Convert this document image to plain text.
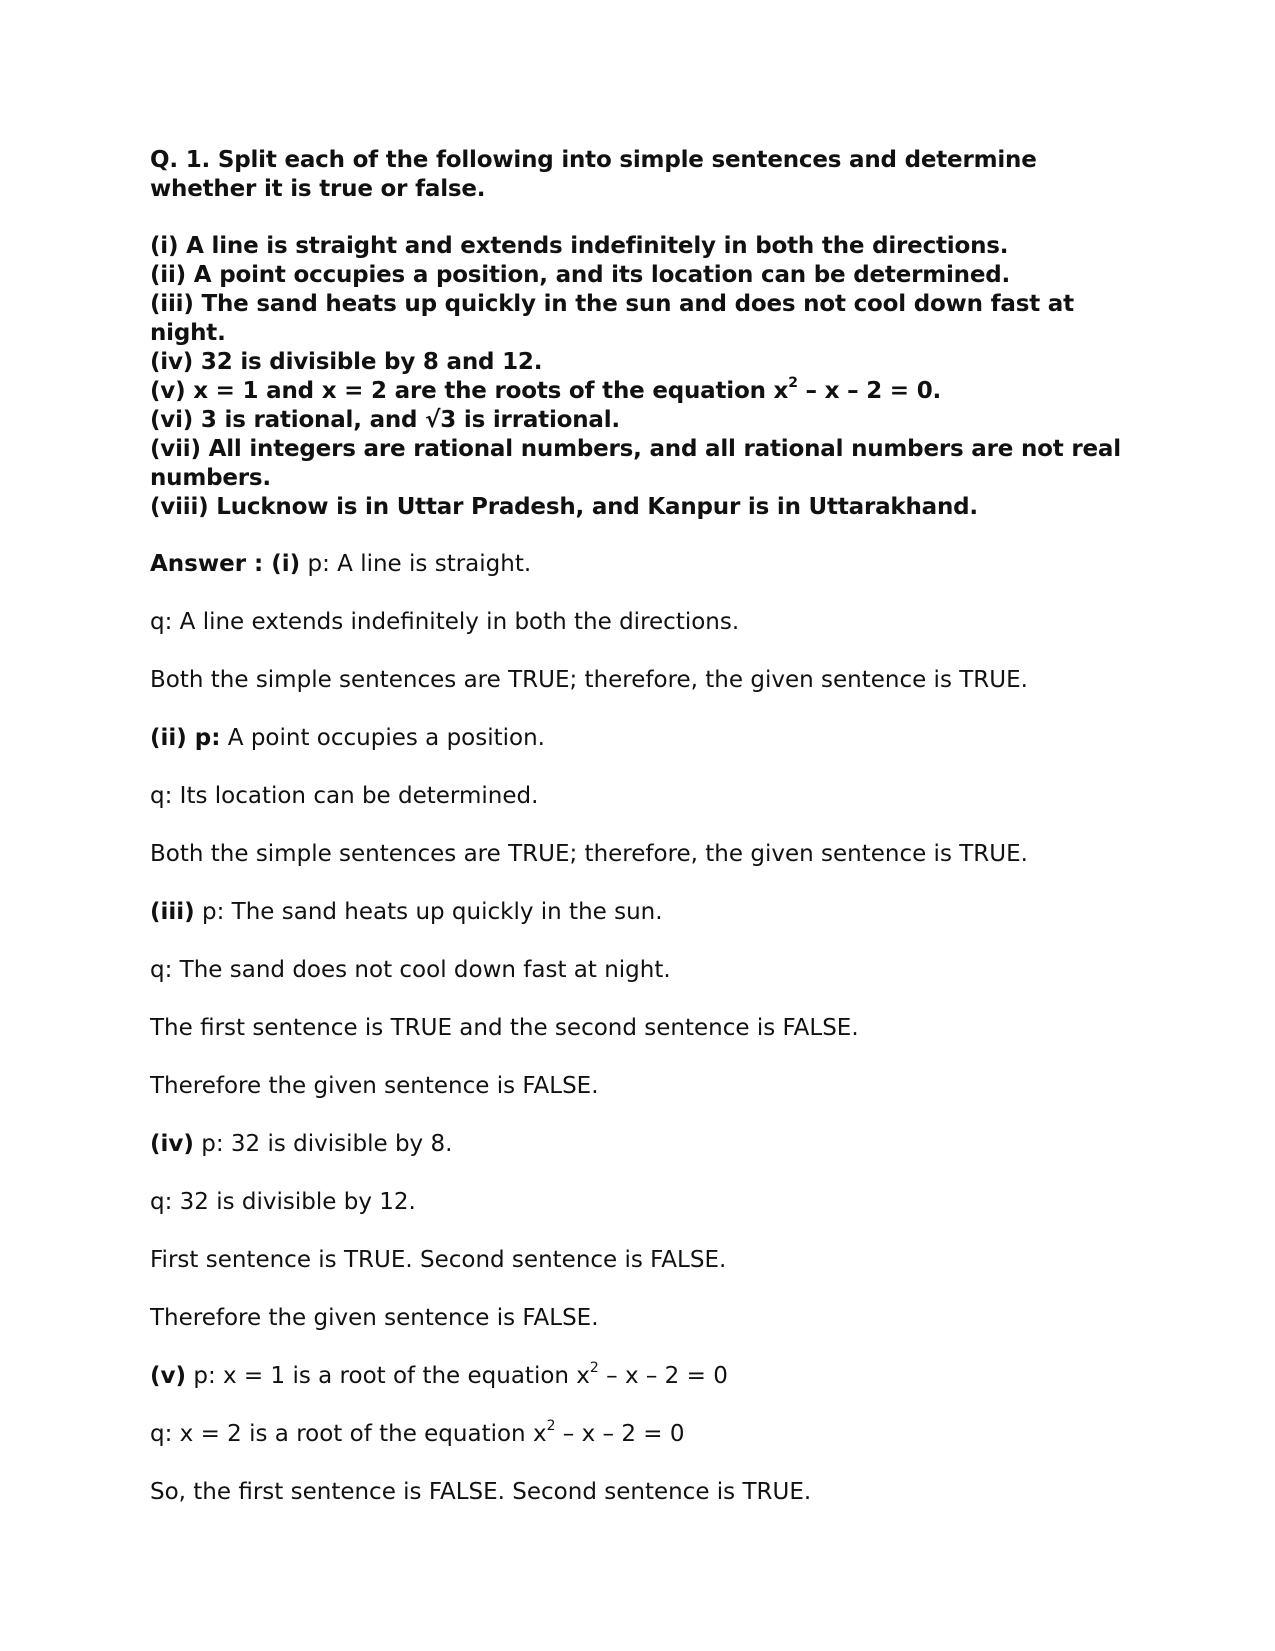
Q. 1. Split each of the following into simple sentences and determine whether it is true or false.

(i) A line is straight and extends indefinitely in both the directions.
(ii) A point occupies a position, and its location can be determined.
(iii) The sand heats up quickly in the sun and does not cool down fast at night.
(iv) 32 is divisible by 8 and 12.
(v) x = 1 and x = 2 are the roots of the equation $x^2 - x - 2 = 0$.
(vi) 3 is rational, and √3 is irrational.
(vii) All integers are rational numbers, and all rational numbers are not real numbers.
(viii) Lucknow is in Uttar Pradesh, and Kanpur is in Uttarakhand.
Answer : (i) p: A line is straight.
q: A line extends indefinitely in both the directions.
Both the simple sentences are TRUE; therefore, the given sentence is TRUE.
(ii) p: A point occupies a position.
q: Its location can be determined.
Both the simple sentences are TRUE; therefore, the given sentence is TRUE.
(iii) p: The sand heats up quickly in the sun.
q: The sand does not cool down fast at night.
The first sentence is TRUE and the second sentence is FALSE.
Therefore the given sentence is FALSE.
(iv) p: 32 is divisible by 8.
q: 32 is divisible by 12.
First sentence is TRUE. Second sentence is FALSE.
Therefore the given sentence is FALSE.
(v) p: x = 1 is a root of the equation $x^2 - x - 2 = 0$
q: x = 2 is a root of the equation $x^2 - x - 2 = 0$
So, the first sentence is FALSE. Second sentence is TRUE.
